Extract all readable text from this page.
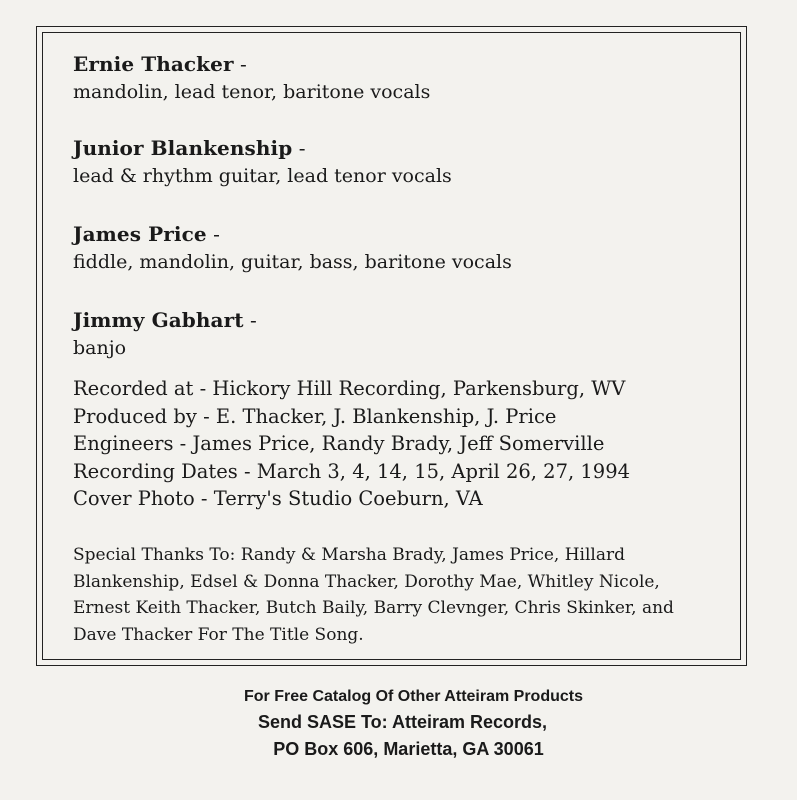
Ernie Thacker -
mandolin, lead tenor, baritone vocals
Junior Blankenship -
lead & rhythm guitar, lead tenor vocals
James Price -
fiddle, mandolin, guitar, bass, baritone vocals
Jimmy Gabhart -
banjo
Recorded at - Hickory Hill Recording, Parkensburg, WV
Produced by - E. Thacker, J. Blankenship, J. Price
Engineers - James Price, Randy Brady, Jeff Somerville
Recording Dates - March 3, 4, 14, 15, April 26, 27, 1994
Cover Photo - Terry's Studio Coeburn, VA
Special Thanks To: Randy & Marsha Brady, James Price, Hillard Blankenship, Edsel & Donna Thacker, Dorothy Mae, Whitley Nicole, Ernest Keith Thacker, Butch Baily, Barry Clevnger, Chris Skinker, and Dave Thacker For The Title Song.
For Free Catalog Of Other Atteiram Products
Send SASE To: Atteiram Records,
PO Box 606, Marietta, GA 30061
